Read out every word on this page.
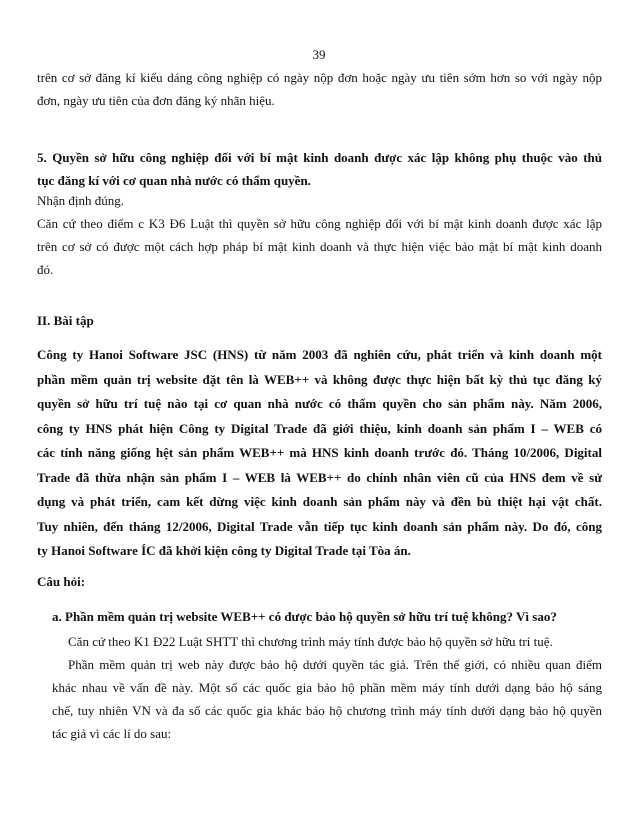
39
trên cơ sở đăng kí kiểu dáng công nghiệp có ngày nộp đơn hoặc ngày ưu tiên sớm hơn so với ngày nộp
đơn, ngày ưu tiên của đơn đăng ký nhãn hiệu.
5. Quyền sở hữu công nghiệp đối với bí mật kinh doanh được xác lập không phụ thuộc vào thủ
tục đăng kí với cơ quan nhà nước có thẩm quyền.
Nhận định đúng.
Căn cứ theo điểm c K3 Đ6 Luật thì quyền sở hữu công nghiệp đối với bí mật kinh doanh được xác lập
trên cơ sở có được một cách hợp pháp bí mật kinh doanh và thực hiện việc bảo mật bí mật kinh doanh
đó.
II. Bài tập
Công ty Hanoi Software JSC (HNS) từ năm 2003 đã nghiên cứu, phát triển và kinh doanh một
phần mềm quản trị website đặt tên là WEB++ và không được thực hiện bất kỳ thủ tục đăng ký
quyền sở hữu trí tuệ nào tại cơ quan nhà nước có thẩm quyền cho sản phẩm này. Năm 2006,
công ty HNS phát hiện Công ty Digital Trade đã giới thiệu, kinh doanh sản phẩm I – WEB có
các tính năng giống hệt sản phẩm WEB++ mà HNS kinh doanh trước đó. Tháng 10/2006, Digital
Trade đã thừa nhận sản phẩm I – WEB là WEB++ do chính nhân viên cũ của HNS đem về sử
dụng và phát triển, cam kết dừng việc kinh doanh sản phẩm này và đền bù thiệt hại vật chất.
Tuy nhiên, đến tháng 12/2006, Digital Trade vẫn tiếp tục kinh doanh sản phẩm này. Do đó, công
ty Hanoi Software ÍC đã khởi kiện công ty Digital Trade tại Tòa án.
Câu hỏi:
a. Phần mềm quản trị website WEB++ có được bảo hộ quyền sở hữu trí tuệ không? Vì sao?
Căn cứ theo K1 Đ22 Luật SHTT thì chương trình máy tính được bảo hộ quyền sở hữu trí tuệ.
Phần mềm quản trị web này được bảo hộ dưới quyền tác giả. Trên thế giới, có nhiều quan điểm
khác nhau về vấn đề này. Một số các quốc gia bảo hộ phần mềm máy tính dưới dạng bảo hộ sáng
chế, tuy nhiên VN và đa số các quốc gia khác bảo hộ chương trình máy tính dưới dạng bảo hộ quyền
tác giả vì các lí do sau:
